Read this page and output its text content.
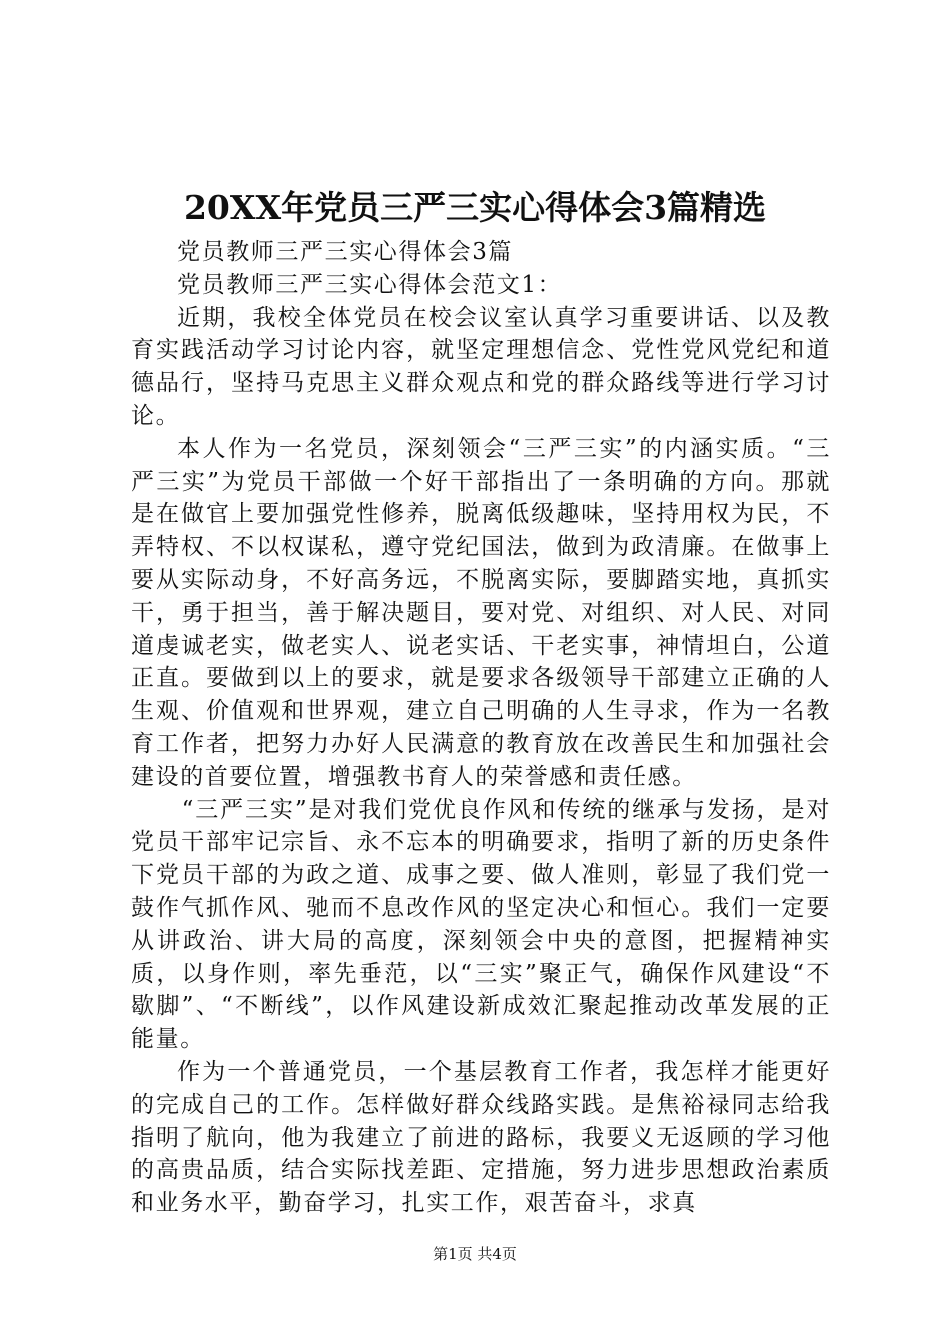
20XX年党员三严三实心得体会3篇精选

党员教师三严三实心得体会3篇

党员教师三严三实心得体会范文1：

近期，我校全体党员在校会议室认真学习重要讲话、以及教育实践活动学习讨论内容，就坚定理想信念、党性党风党纪和道德品行，坚持马克思主义群众观点和党的群众路线等进行学习讨论。

本人作为一名党员，深刻领会“三严三实”的内涵实质。“三严三实”为党员干部做一个好干部指出了一条明确的方向。那就是在做官上要加强党性修养，脱离低级趣味，坚持用权为民，不弄特权、不以权谋私，遵守党纪国法，做到为政清廉。在做事上要从实际动身，不好高务远，不脱离实际，要脚踏实地，真抓实干，勇于担当，善于解决题目，要对党、对组织、对人民、对同道虔诚老实，做老实人、说老实话、干老实事，神情坦白，公道正直。要做到以上的要求，就是要求各级领导干部建立正确的人生观、价值观和世界观，建立自己明确的人生寻求，作为一名教育工作者，把努力办好人民满意的教育放在改善民生和加强社会建设的首要位置，增强教书育人的荣誉感和责任感。

“三严三实”是对我们党优良作风和传统的继承与发扬，是对党员干部牢记宗旨、永不忘本的明确要求，指明了新的历史条件下党员干部的为政之道、成事之要、做人准则，彰显了我们党一鼓作气抓作风、驰而不息改作风的坚定决心和恒心。我们一定要从讲政治、讲大局的高度，深刻领会中央的意图，把握精神实质，以身作则，率先垂范，以“三实”聚正气，确保作风建设“不歇脚”、“不断线”，以作风建设新成效汇聚起推动改革发展的正能量。

作为一个普通党员，一个基层教育工作者，我怎样才能更好的完成自己的工作。怎样做好群众线路实践。是焦裕禄同志给我指明了航向，他为我建立了前进的路标，我要义无返顾的学习他的高贵品质，结合实际找差距、定措施，努力进步思想政治素质和业务水平，勤奋学习，扎实工作，艰苦奋斗，求真

第1页 共4页
